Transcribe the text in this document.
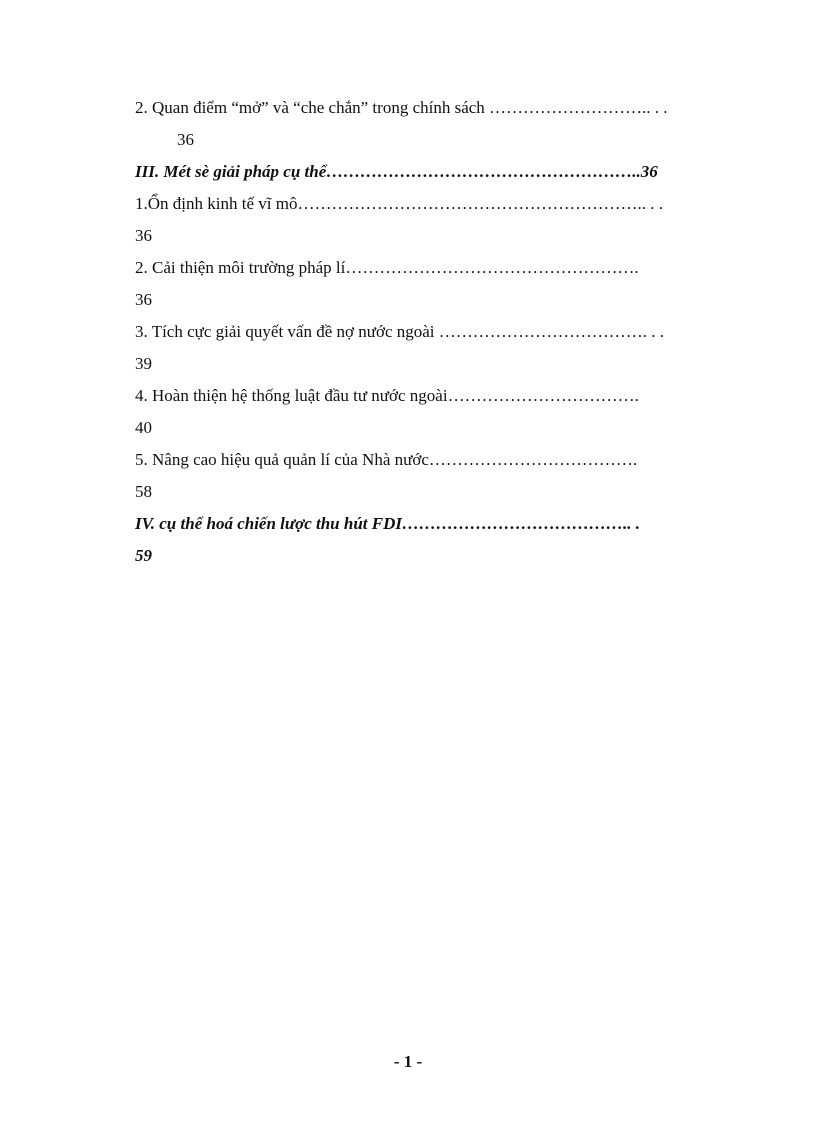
2. Quan điểm “mở” và “che chắn” trong chính sách ……………………….. . .
36
III. Mét sè giải pháp cụ thể………………………………………………..36
1.Ổn định kinh tế vĩ mô…………………………………………………….. . .
36
2. Cải thiện môi trường pháp lí…………………………………………….
36
3. Tích cực giải quyết vấn đề nợ nước ngoài ………………………………. . .
39
4. Hoàn thiện hệ thống luật đầu tư nước ngoài…………………………….
40
5. Nâng cao hiệu quả quản lí của Nhà nước……………………………….
58
IV. cụ thể hoá chiến lược thu hút FDI………………………………….. .
59
- 1 -
